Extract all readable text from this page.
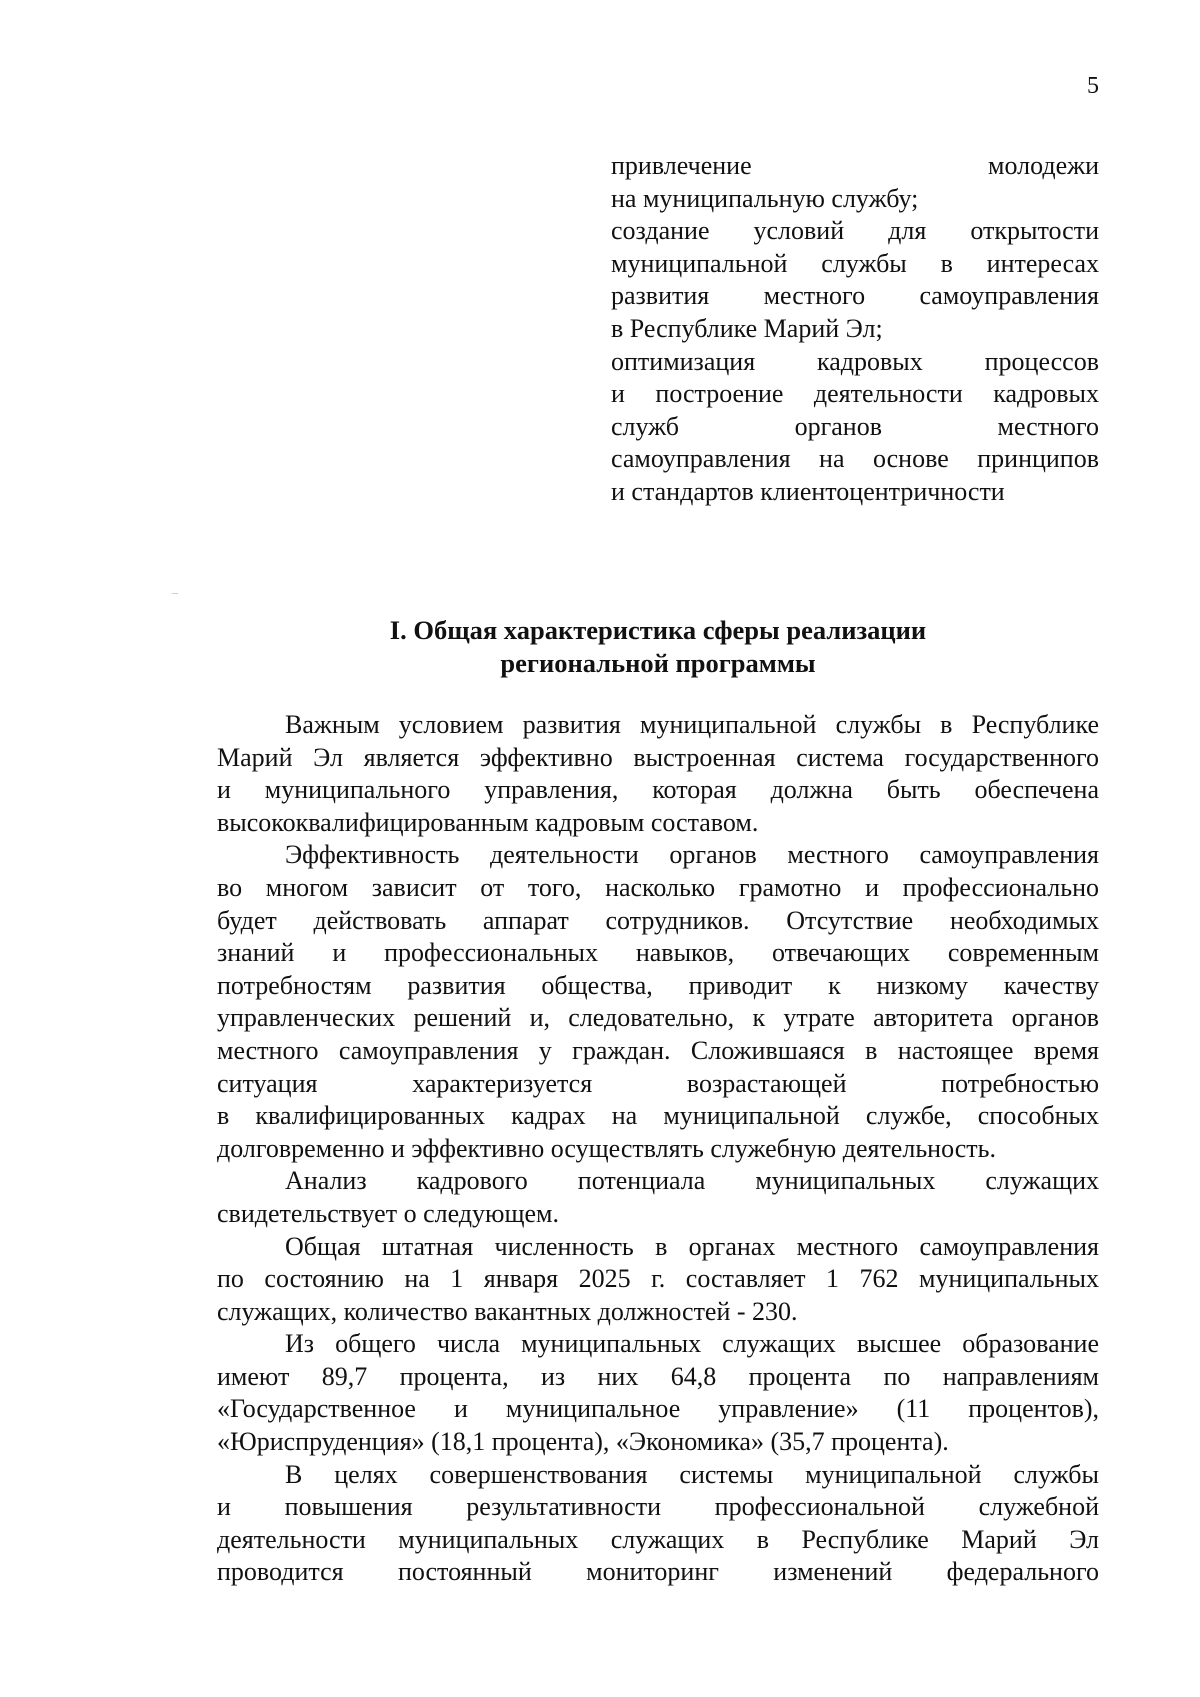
5
привлечение молодежи
на муниципальную службу;
создание условий для открытости
муниципальной службы в интересах
развития местного самоуправления
в Республике Марий Эл;
оптимизация кадровых процессов
и построение деятельности кадровых
служб органов местного
самоуправления на основе принципов
и стандартов клиентоцентричности
I. Общая характеристика сферы реализации
региональной программы
Важным условием развития муниципальной службы в Республике
Марий Эл является эффективно выстроенная система государственного
и муниципального управления, которая должна быть обеспечена
высококвалифицированным кадровым составом.
Эффективность деятельности органов местного самоуправления
во многом зависит от того, насколько грамотно и профессионально
будет действовать аппарат сотрудников. Отсутствие необходимых
знаний и профессиональных навыков, отвечающих современным
потребностям развития общества, приводит к низкому качеству
управленческих решений и, следовательно, к утрате авторитета органов
местного самоуправления у граждан. Сложившаяся в настоящее время
ситуация характеризуется возрастающей потребностью
в квалифицированных кадрах на муниципальной службе, способных
долговременно и эффективно осуществлять служебную деятельность.
Анализ кадрового потенциала муниципальных служащих
свидетельствует о следующем.
Общая штатная численность в органах местного самоуправления
по состоянию на 1 января 2025 г. составляет 1 762 муниципальных
служащих, количество вакантных должностей - 230.
Из общего числа муниципальных служащих высшее образование
имеют 89,7 процента, из них 64,8 процента по направлениям
«Государственное и муниципальное управление» (11 процентов),
«Юриспруденция» (18,1 процента), «Экономика» (35,7 процента).
В целях совершенствования системы муниципальной службы
и повышения результативности профессиональной служебной
деятельности муниципальных служащих в Республике Марий Эл
проводится постоянный мониторинг изменений федерального
